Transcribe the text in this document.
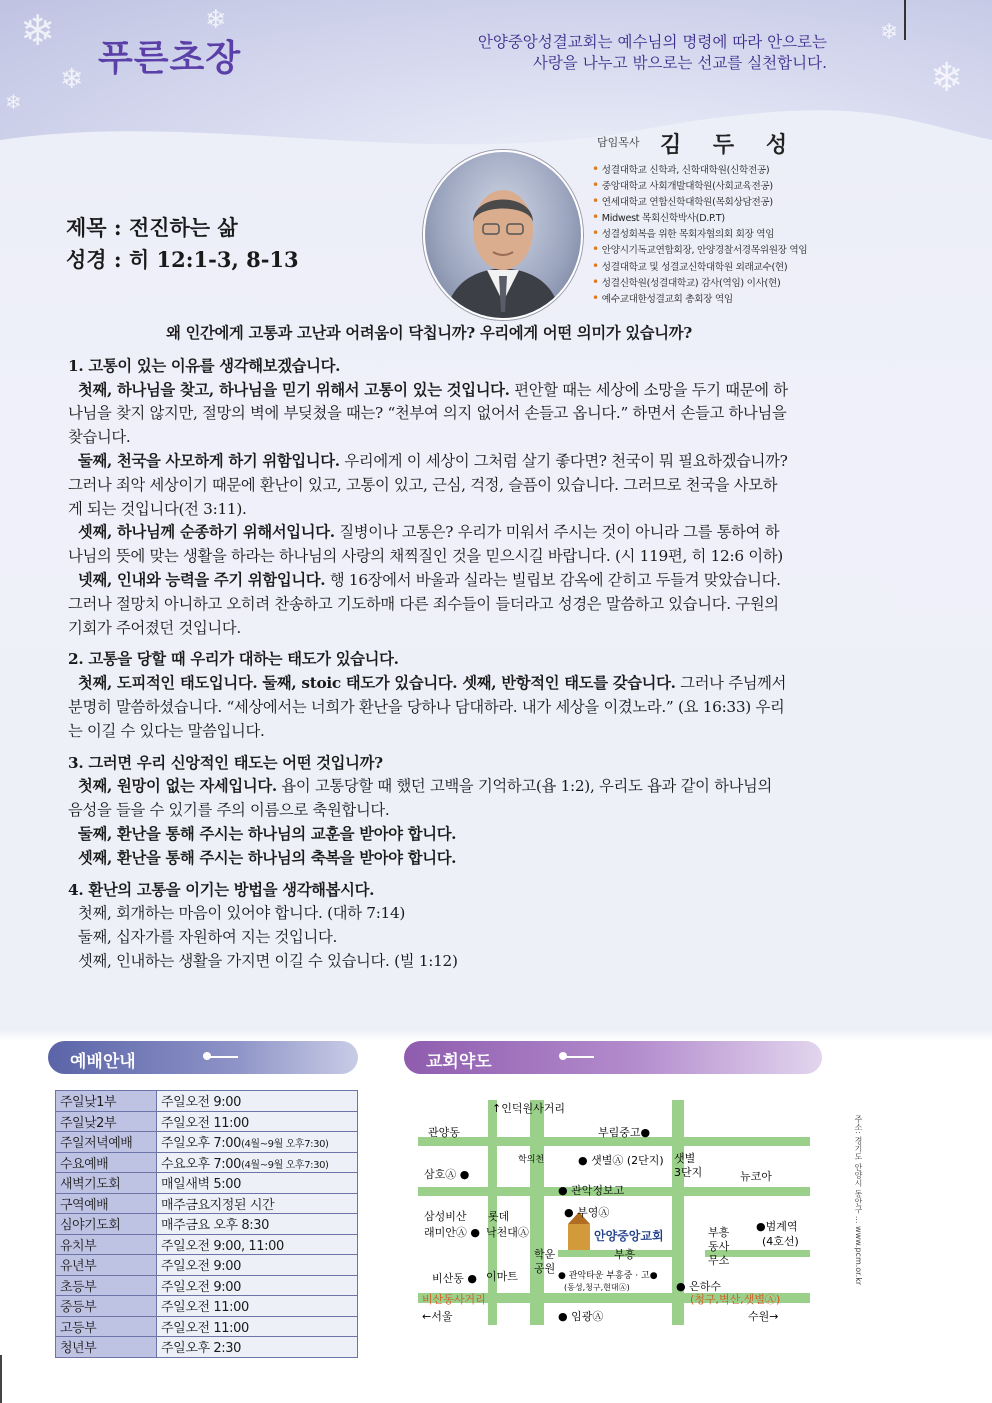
❄
❄
❄
❄
❄
❄
푸른초장	안양중앙성결교회는 예수님의 명령에 따라 안으로는
사랑을 나누고 밖으로는 선교를 실천합니다.
담임목사 김 두 성
• 성결대학교 신학과, 신학대학원(신학전공)
• 중앙대학교 사회개발대학원(사회교육전공)
• 연세대학교 연합신학대학원(목회상담전공)
• Midwest 목회신학박사(D.P.T)
• 성결성회복을 위한 목회자협의회 회장 역임
• 안양시기독교연합회장, 안양경찰서경목위원장 역임
• 성결대학교 및 성결교신학대학원 외래교수(현)
• 성결신학원(성결대학교) 감사(역임) 이사(현)
• 예수교대한성결교회 총회장 역임
제목 : 전진하는 삶
성경 : 히 12:1-3, 8-13

왜 인간에게 고통과 고난과 어려움이 닥칩니까? 우리에게 어떤 의미가 있습니까?

1. 고통이 있는 이유를 생각해보겠습니다.

첫째, 하나님을 찾고, 하나님을 믿기 위해서 고통이 있는 것입니다. 편안할 때는 세상에 소망을 두기 때문에 하나님을 찾지 않지만, 절망의 벽에 부딪쳤을 때는? “천부여 의지 없어서 손들고 옵니다.” 하면서 손들고 하나님을 찾습니다.

둘째, 천국을 사모하게 하기 위함입니다. 우리에게 이 세상이 그처럼 살기 좋다면? 천국이 뭐 필요하겠습니까? 그러나 죄악 세상이기 때문에 환난이 있고, 고통이 있고, 근심, 걱정, 슬픔이 있습니다. 그러므로 천국을 사모하게 되는 것입니다(전 3:11).

셋째, 하나님께 순종하기 위해서입니다. 질병이나 고통은? 우리가 미워서 주시는 것이 아니라 그를 통하여 하나님의 뜻에 맞는 생활을 하라는 하나님의 사랑의 채찍질인 것을 믿으시길 바랍니다. (시 119편, 히 12:6 이하)

넷째, 인내와 능력을 주기 위함입니다. 행 16장에서 바울과 실라는 빌립보 감옥에 갇히고 두들겨 맞았습니다. 그러나 절망치 아니하고 오히려 찬송하고 기도하매 다른 죄수들이 들더라고 성경은 말씀하고 있습니다. 구원의 기회가 주어졌던 것입니다.

2. 고통을 당할 때 우리가 대하는 태도가 있습니다.

첫째, 도피적인 태도입니다. 둘째, stoic 태도가 있습니다. 셋째, 반항적인 태도를 갖습니다. 그러나 주님께서 분명히 말씀하셨습니다. “세상에서는 너희가 환난을 당하나 담대하라. 내가 세상을 이겼노라.” (요 16:33) 우리는 이길 수 있다는 말씀입니다.

3. 그러면 우리 신앙적인 태도는 어떤 것입니까?

첫째, 원망이 없는 자세입니다. 욥이 고통당할 때 했던 고백을 기억하고(욥 1:2), 우리도 욥과 같이 하나님의 음성을 들을 수 있기를 주의 이름으로 축원합니다.

둘째, 환난을 통해 주시는 하나님의 교훈을 받아야 합니다.

셋째, 환난을 통해 주시는 하나님의 축복을 받아야 합니다.

4. 환난의 고통을 이기는 방법을 생각해봅시다.

첫째, 회개하는 마음이 있어야 합니다. (대하 7:14)

둘째, 십자가를 자원하여 지는 것입니다.

셋째, 인내하는 생활을 가지면 이길 수 있습니다. (빌 1:12)

예배안내
주일낮1부	주일오전 9:00
주일낮2부	주일오전 11:00
주일저녁예배	주일오후 7:00(4월~9월 오후7:30)
수요예배	수요오후 7:00(4월~9월 오후7:30)
새벽기도회	매일새벽 5:00
구역예배	매주금요지정된 시간
심야기도회	매주금요 오후 8:30
유치부	주일오전 9:00, 11:00
유년부	주일오전 9:00
초등부	주일오전 9:00
중등부	주일오전 11:00
고등부	주일오전 11:00
청년부	주일오후 2:30
교회약도
↑인덕원사거리
관양동	부림중고●
● 샛별Ⓐ (2단지) 샛별
3단지
삼호Ⓐ ●	뉴코아
학의천
● 관악정보고
삼성비산
래미안Ⓐ ●
롯데
낙천대Ⓐ
● 부영Ⓐ
안양중앙교회
부흥
부흥
동사
무소
●범계역
(4호선)
학운
공원
비산동 ● 이마트	● 관악타운 부흥중 · 고●
(동성,청구,현대Ⓐ)	● 은하수
비산동사거리	(청구,벽산,샛별Ⓐ)
←서울	● 임광Ⓐ	수원→
주소: 경기도 안양시 동안구 ... www.pcm.or.kr
